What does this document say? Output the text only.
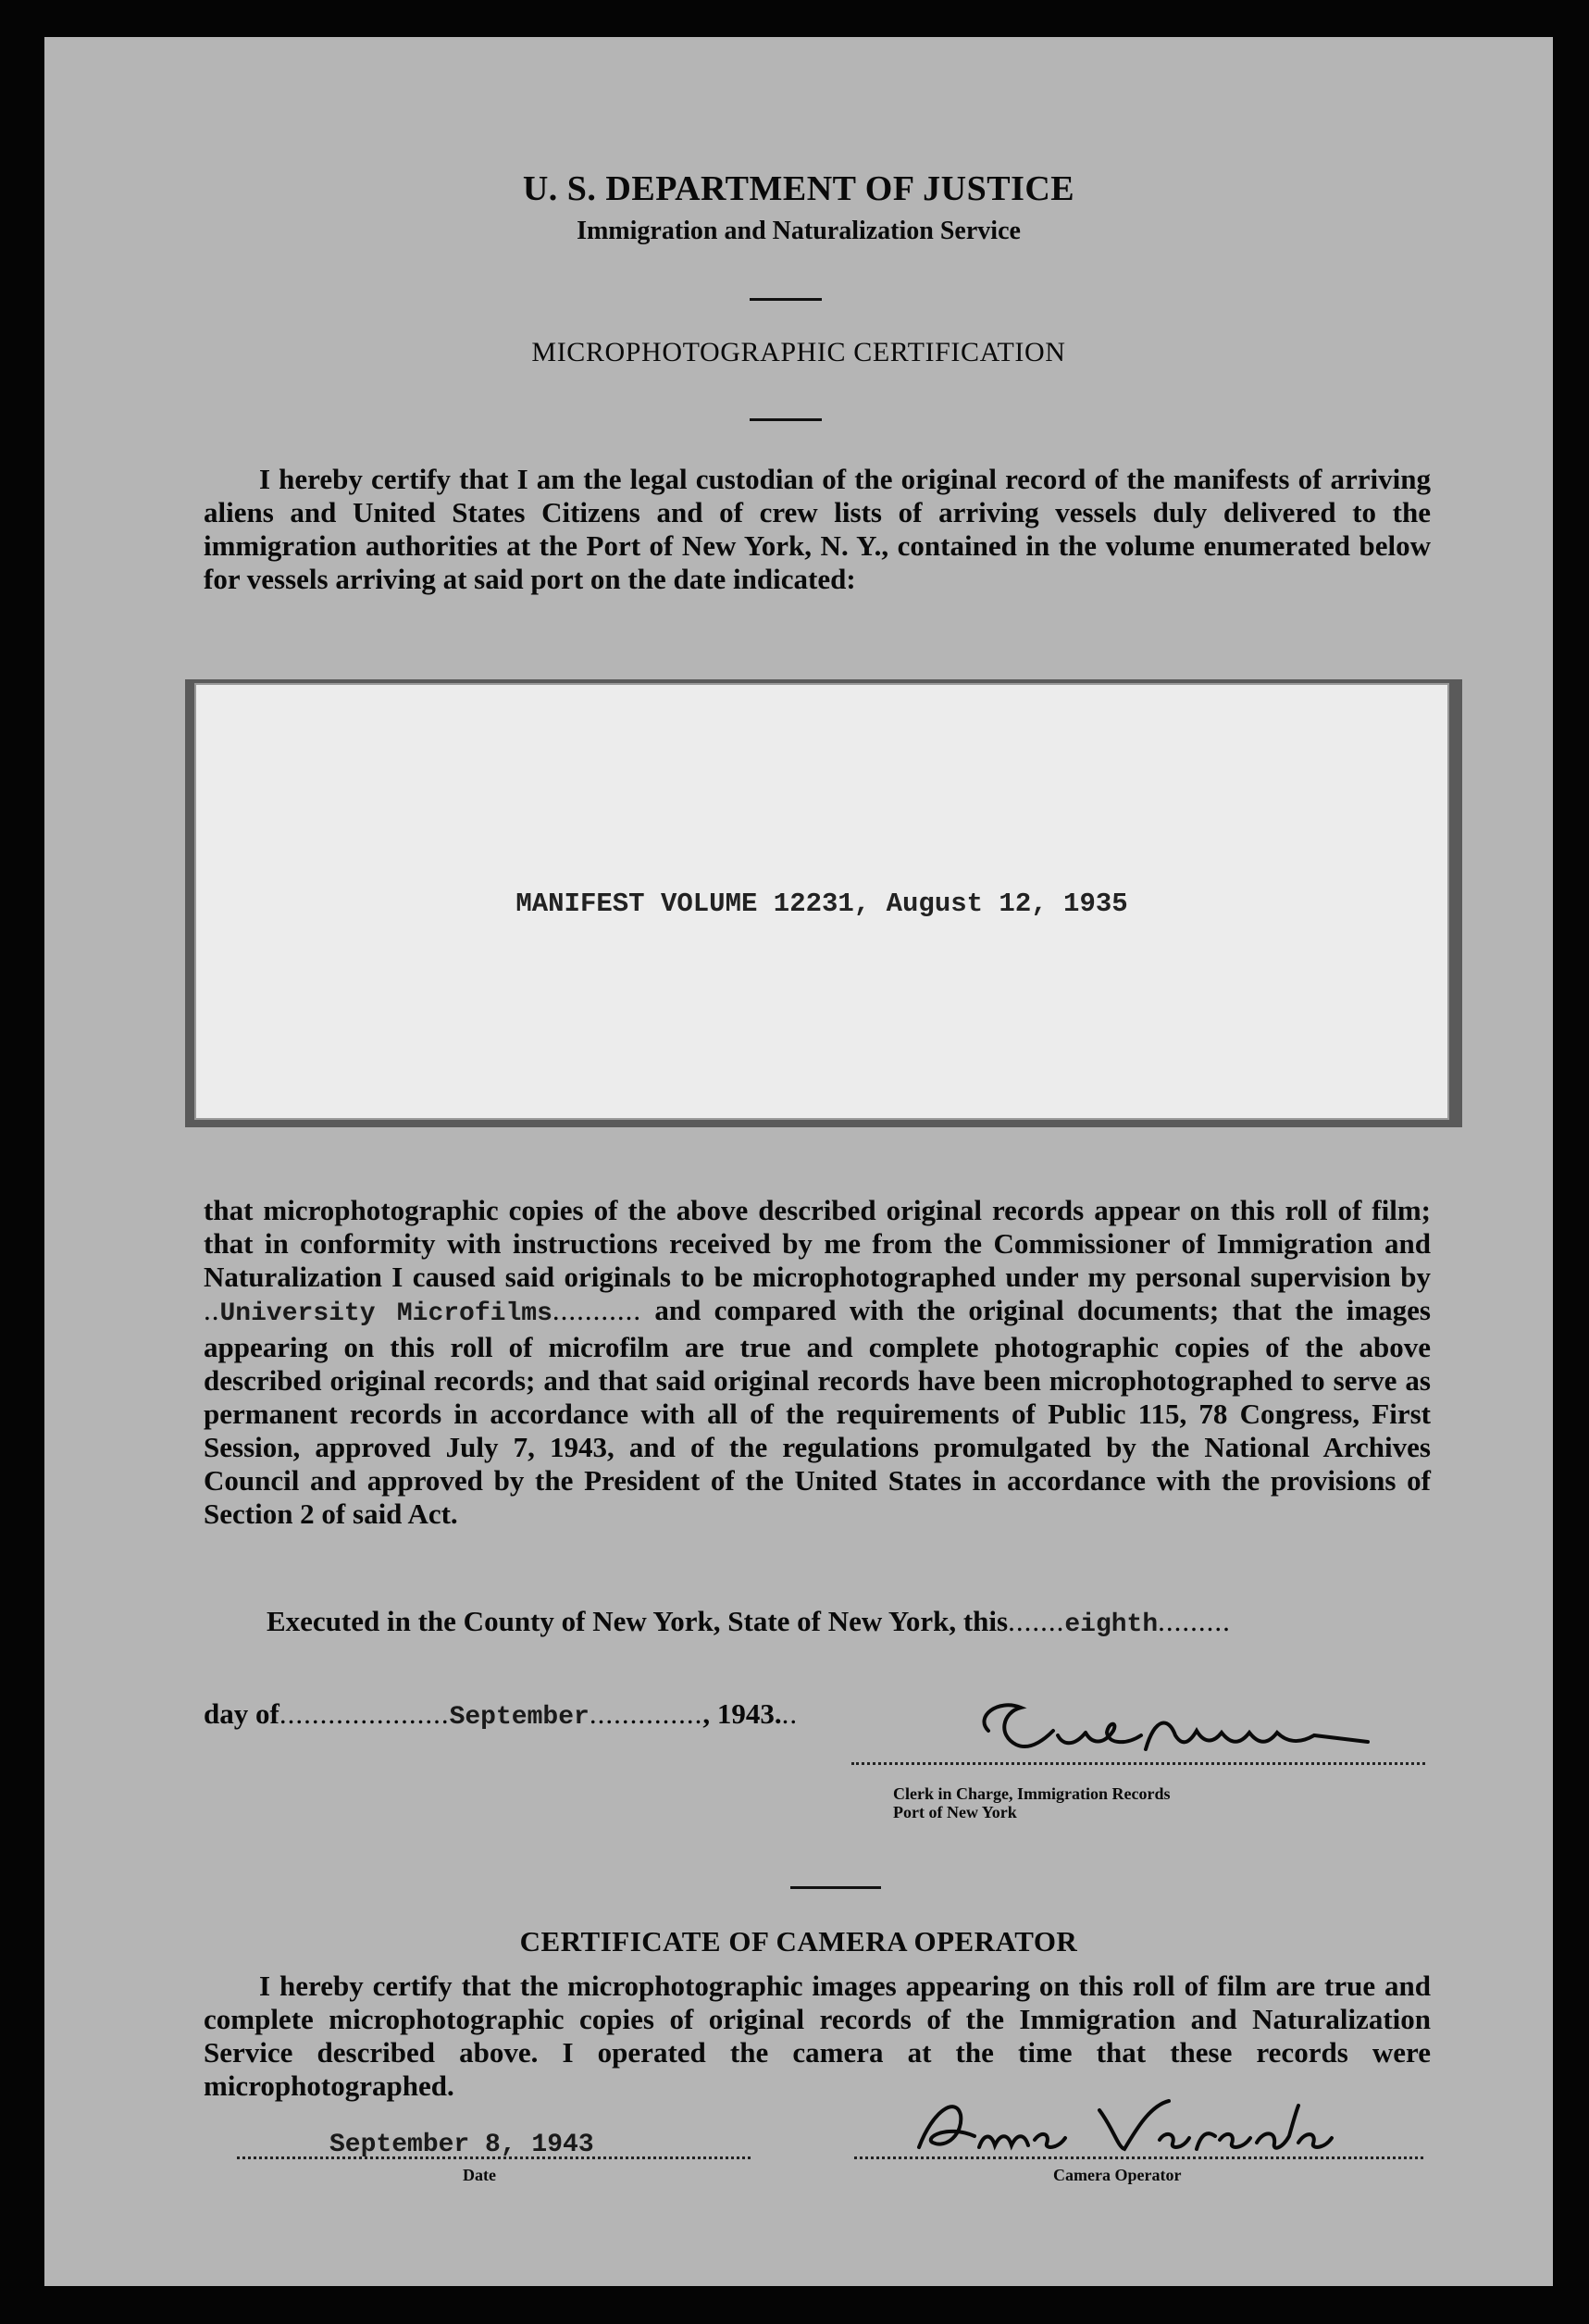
U. S. DEPARTMENT OF JUSTICE
Immigration and Naturalization Service
MICROPHOTOGRAPHIC CERTIFICATION
I hereby certify that I am the legal custodian of the original record of the manifests of arriving aliens and United States Citizens and of crew lists of arriving vessels duly delivered to the immigration authorities at the Port of New York, N. Y., contained in the volume enumerated below for vessels arriving at said port on the date indicated:
MANIFEST VOLUME 12231, August 12, 1935
that microphotographic copies of the above described original records appear on this roll of film; that in conformity with instructions received by me from the Commissioner of Immigration and Naturalization I caused said originals to be microphotographed under my personal supervision by ..University Microfilms........... and compared with the original documents; that the images appearing on this roll of microfilm are true and complete photographic copies of the above described original records; and that said original records have been microphotographed to serve as permanent records in accordance with all of the requirements of Public 115, 78 Congress, First Session, approved July 7, 1943, and of the regulations promulgated by the National Archives Council and approved by the President of the United States in accordance with the provisions of Section 2 of said Act.
Executed in the County of New York, State of New York, this.......eighth.........
day of.....................September.............., 1943...
Clerk in Charge, Immigration Records
Port of New York
CERTIFICATE OF CAMERA OPERATOR
I hereby certify that the microphotographic images appearing on this roll of film are true and complete microphotographic copies of original records of the Immigration and Naturalization Service described above. I operated the camera at the time that these records were microphotographed.
September 8, 1943
Date	Camera Operator
